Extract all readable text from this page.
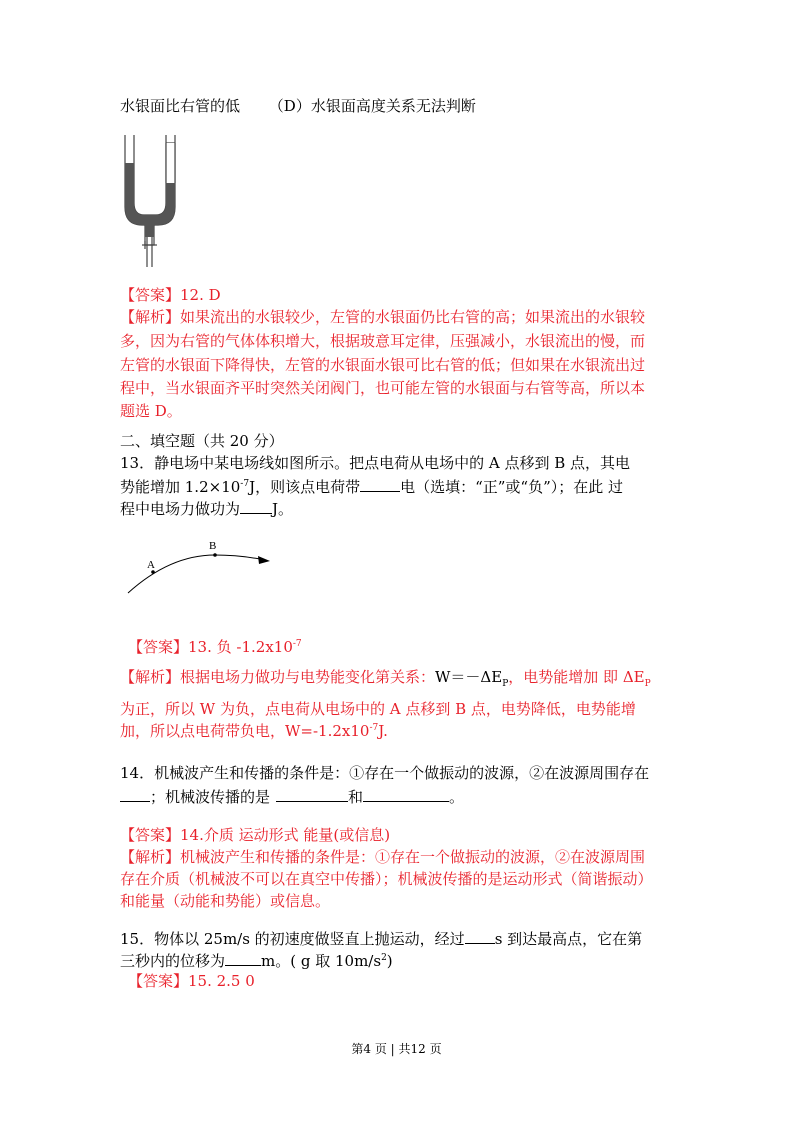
水银面比右管的低 （D）水银面高度关系无法判断
【答案】12. D
【解析】如果流出的水银较少，左管的水银面仍比右管的高；如果流出的水银较
多，因为右管的气体体积增大，根据玻意耳定律，压强减小，水银流出的慢，而
左管的水银面下降得快，左管的水银面水银可比右管的低；但如果在水银流出过
程中，当水银面齐平时突然关闭阀门，也可能左管的水银面与右管等高，所以本
题选 D。
二、填空题（共 20 分）
13．静电场中某电场线如图所示。把点电荷从电场中的 A 点移到 B 点，其电
势能增加 $1.2\times 10^{-7}J$，则该点电荷带	电（选填：“正”或“负”）；在此 过
程中电场力做功为 J。
A
B
【答案】13. 负 $-1.2x10^{-7}$
【解析】根据电场力做功与电势能变化第关系：$W=-\Delta E_P$，电势能增加 即 $\Delta E_P$
为正，所以 W 为负，点电荷从电场中的 A 点移到 B 点，电势降低，电势能增
加，所以点电荷带负电，$W=-1.2x10^{-7}J$.
14．机械波产生和传播的条件是：①存在一个做振动的波源，②在波源周围存在
；机械波传播的是	和	。
【答案】14.介质 运动形式 能量(或信息)
【解析】机械波产生和传播的条件是：①存在一个做振动的波源，②在波源周围
存在介质（机械波不可以在真空中传播）；机械波传播的是运动形式（简谐振动）
和能量（动能和势能）或信息。
15．物体以 25m/s 的初速度做竖直上抛运动，经过 s 到达最高点，它在第
三秒内的位移为 m。( g 取 $10m/s^2$)
【答案】15. 2.5 0
第4 页 | 共12 页
